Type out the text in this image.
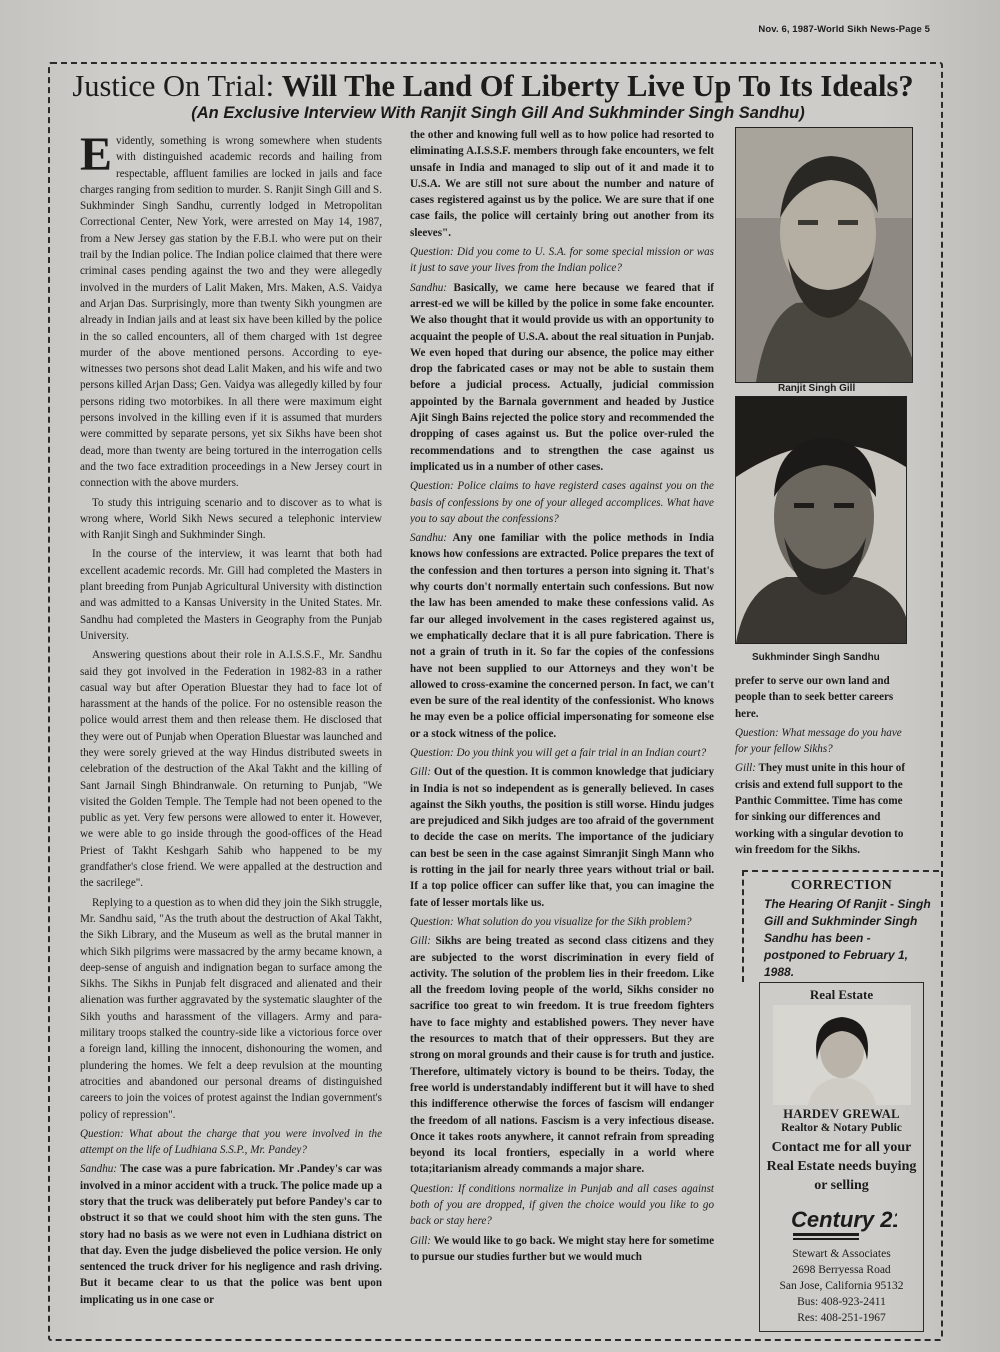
Nov. 6, 1987-World Sikh News-Page 5
Justice On Trial: Will The Land Of Liberty Live Up To Its Ideals?
(An Exclusive Interview With Ranjit Singh Gill And Sukhminder Singh Sandhu)
E vidently, something is wrong somewhere when students with distinguished academic records and hailing from respectable, affluent families are locked in jails and face charges ranging from sedition to murder. S. Ranjit Singh Gill and S. Sukhminder Singh Sandhu, currently lodged in Metropolitan Correctional Center, New York, were arrested on May 14, 1987, from a New Jersey gas station by the F.B.I. who were put on their trail by the Indian police. The Indian police claimed that there were criminal cases pending against the two and they were allegedly involved in the murders of Lalit Maken, Mrs. Maken, A.S. Vaidya and Arjan Das. Surprisingly, more than twenty Sikh youngmen are already in Indian jails and at least six have been killed by the police in the so called encounters, all of them charged with 1st degree murder of the above mentioned persons. According to eye-witnesses two persons shot dead Lalit Maken, and his wife and two persons killed Arjan Dass; Gen. Vaidya was allegedly killed by four persons riding two motorbikes. In all there were maximum eight persons involved in the killing even if it is assumed that murders were committed by separate persons, yet six Sikhs have been shot dead, more than twenty are being tortured in the interrogation cells and the two face extradition proceedings in a New Jersey court in connection with the above murders.

To study this intriguing scenario and to discover as to what is wrong where, World Sikh News secured a telephonic interview with Ranjit Singh and Sukhminder Singh.

In the course of the interview, it was learnt that both had excellent academic records. Mr. Gill had completed the Masters in plant breeding from Punjab Agricultural University with distinction and was admitted to a Kansas University in the United States. Mr. Sandhu had completed the Masters in Geography from the Punjab University.

Answering questions about their role in A.I.S.S.F., Mr. Sandhu said they got involved in the Federation in 1982-83 in a rather casual way but after Operation Bluestar they had to face lot of harassment at the hands of the police. For no ostensible reason the police would arrest them and then release them. He disclosed that they were out of Punjab when Operation Bluestar was launched and they were sorely grieved at the way Hindus distributed sweets in celebration of the destruction of the Akal Takht and the killing of Sant Jarnail Singh Bhindranwale. On returning to Punjab, "We visited the Golden Temple. The Temple had not been opened to the public as yet. Very few persons were allowed to enter it. However, we were able to go inside through the good-offices of the Head Priest of Takht Keshgarh Sahib who happened to be my grandfather's close friend. We were appalled at the destruction and the sacrilege".

Replying to a question as to when did they join the Sikh struggle, Mr. Sandhu said, "As the truth about the destruction of Akal Takht, the Sikh Library, and the Museum as well as the brutal manner in which Sikh pilgrims were massacred by the army became known, a deep-sense of anguish and indignation began to surface among the Sikhs. The Sikhs in Punjab felt disgraced and alienated and their alienation was further aggravated by the systematic slaughter of the Sikh youths and harassment of the villagers. Army and para-military troops stalked the country-side like a victorious force over a foreign land, killing the innocent, dishonouring the women, and plundering the homes. We felt a deep revulsion at the mounting atrocities and abandoned our personal dreams of distinguished careers to join the voices of protest against the Indian government's policy of repression".

Question: What about the charge that you were involved in the attempt on the life of Ludhiana S.S.P., Mr. Pandey?

Sandhu: The case was a pure fabrication. Mr .Pandey's car was involved in a minor accident with a truck. The police made up a story that the truck was deliberately put before Pandey's car to obstruct it so that we could shoot him with the sten guns. The story had no basis as we were not even in Ludhiana district on that day. Even the judge disbelieved the police version. He only sentenced the truck driver for his negligence and rash driving. But it became clear to us that the police was bent upon implicating us in one case or

the other and knowing full well as to how police had resorted to eliminating A.I.S.S.F. members through fake encounters, we felt unsafe in India and managed to slip out of it and made it to U.S.A. We are still not sure about the number and nature of cases registered against us by the police. We are sure that if one case fails, the police will certainly bring out another from its sleeves".

Question: Did you come to U. S.A. for some special mission or was it just to save your lives from the Indian police?

Sandhu: Basically, we came here because we feared that if arrest-ed we will be killed by the police in some fake encounter. We also thought that it would provide us with an opportunity to acquaint the people of U.S.A. about the real situation in Punjab. We even hoped that during our absence, the police may either drop the fabricated cases or may not be able to sustain them before a judicial process. Actually, judicial commission appointed by the Barnala government and headed by Justice Ajit Singh Bains rejected the police story and recommended the dropping of cases against us. But the police over-ruled the recommendations and to strengthen the case against us implicated us in a number of other cases.

Question: Police claims to have registerd cases against you on the basis of confessions by one of your alleged accomplices. What have you to say about the confessions?

Sandhu: Any one familiar with the police methods in India knows how confessions are extracted. Police prepares the text of the confession and then tortures a person into signing it. That's why courts don't normally entertain such confessions. But now the law has been amended to make these confessions valid. As far our alleged involvement in the cases registered against us, we emphatically declare that it is all pure fabrication. There is not a grain of truth in it. So far the copies of the confessions have not been supplied to our Attorneys and they won't be allowed to cross-examine the concerned person. In fact, we can't even be sure of the real identity of the confessionist. Who knows he may even be a police official impersonating for someone else or a stock witness of the police.

Question: Do you think you will get a fair trial in an Indian court?

Gill: Out of the question. It is common knowledge that judiciary in India is not so independent as is generally believed. In cases against the Sikh youths, the position is still worse. Hindu judges are prejudiced and Sikh judges are too afraid of the government to decide the case on merits. The importance of the judiciary can best be seen in the case against Simranjit Singh Mann who is rotting in the jail for nearly three years without trial or bail. If a top police officer can suffer like that, you can imagine the fate of lesser mortals like us.

Question: What solution do you visualize for the Sikh problem?

Gill: Sikhs are being treated as second class citizens and they are subjected to the worst discrimination in every field of activity. The solution of the problem lies in their freedom. Like all the freedom loving people of the world, Sikhs consider no sacrifice too great to win freedom. It is true freedom fighters have to face mighty and established powers. They never have the resources to match that of their oppressers. But they are strong on moral grounds and their cause is for truth and justice. Therefore, ultimately victory is bound to be theirs. Today, the free world is understandably indifferent but it will have to shed this indifference otherwise the forces of fascism will endanger the freedom of all nations. Fascism is a very infectious disease. Once it takes roots anywhere, it cannot refrain from spreading beyond its local frontiers, especially in a world where tota;itarianism already commands a major share.

Question: If conditions normalize in Punjab and all cases against both of you are dropped, if given the choice would you like to go back or stay here?

Gill: We would like to go back. We might stay here for sometime to pursue our studies further but we would much

Ranjit Singh Gill
Sukhminder Singh Sandhu

prefer to serve our own land and people than to seek better careers here.

Question: What message do you have for your fellow Sikhs?

Gill: They must unite in this hour of crisis and extend full support to the Panthic Committee. Time has come for sinking our differences and working with a singular devotion to win freedom for the Sikhs.

CORRECTION
The Hearing Of Ranjit - Singh Gill and Sukhminder Singh Sandhu has been - postponed to February 1, 1988.
Real Estate
HARDEV GREWAL
Realtor & Notary Public
Contact me for all your Real Estate needs buying or selling
Century 21
Stewart & Associates
2698 Berryessa Road
San Jose, California 95132
Bus: 408-923-2411
Res: 408-251-1967
